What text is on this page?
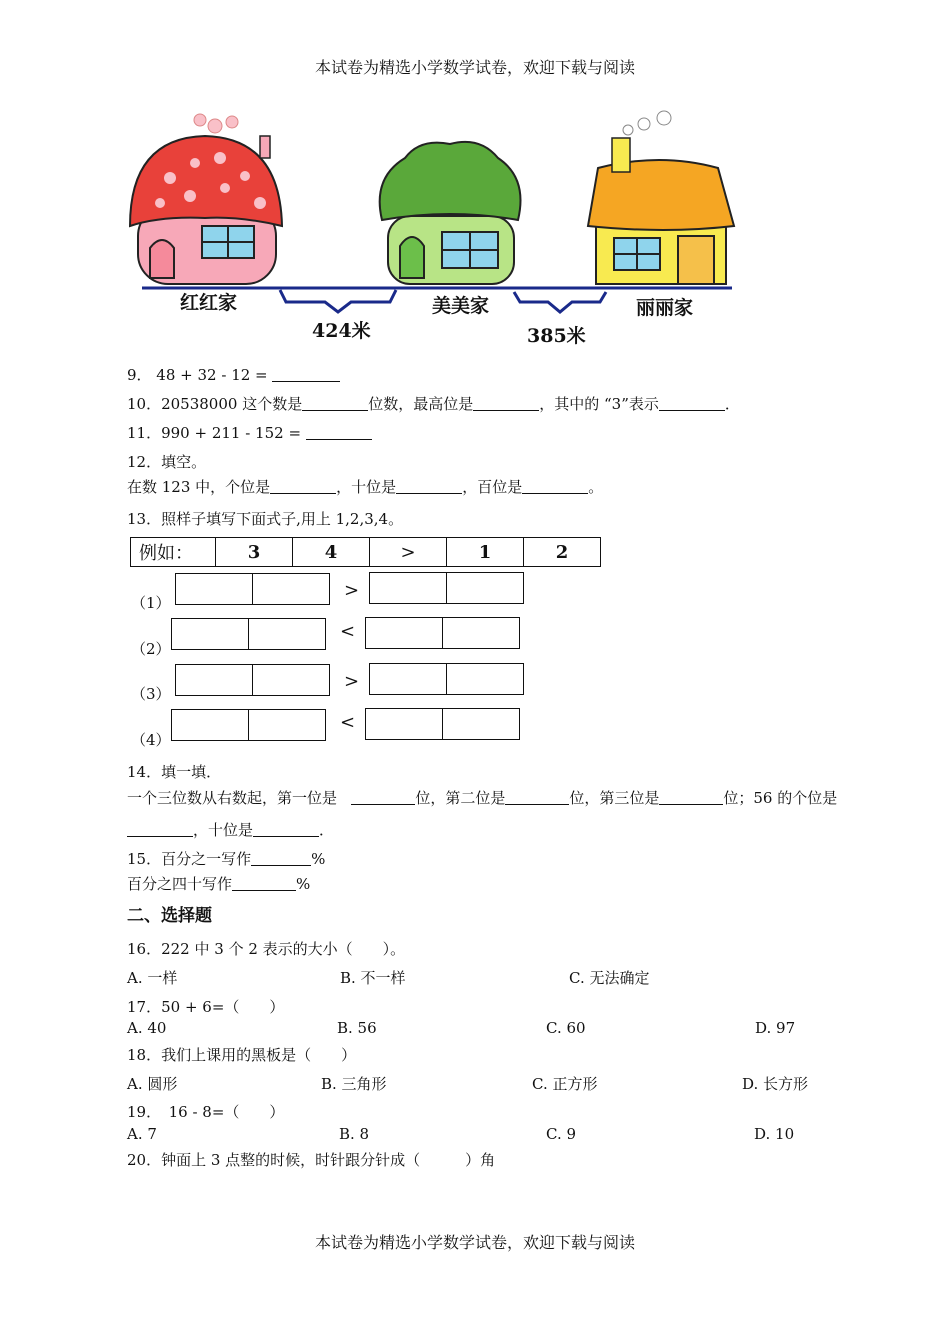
本试卷为精选小学数学试卷，欢迎下载与阅读
红红家	美美家	丽丽家
424米	385米
9． 48 + 32 - 12 =
10．20538000 这个数是	位数，最高位是	，其中的 “3”表示	．
11．990 + 211 - 152 =
12．填空。
在数 123 中，个位是	，十位是	，百位是	。
13．照样子填写下面式子,用上 1,2,3,4。
例如：	3	4	>	1	2
（1）
>
（2）
<
（3）
>
（4）
<
14．填一填．
一个三位数从右数起，第一位是	位，第二位是	位，第三位是	位；56 的个位是
，十位是	．
15．百分之一写作	%
百分之四十写作	%
二、选择题
16．222 中 3 个 2 表示的大小（　　）。
A. 一样	B. 不一样	C. 无法确定
17．50 + 6=（　　）
A. 40	B. 56	C. 60	D. 97
18．我们上课用的黑板是（　　）
A. 圆形	B. 三角形	C. 正方形	D. 长方形
19．　16 - 8=（　　）
A. 7	B. 8	C. 9	D. 10
20．钟面上 3 点整的时候，时针跟分针成（　　　）角
本试卷为精选小学数学试卷，欢迎下载与阅读
